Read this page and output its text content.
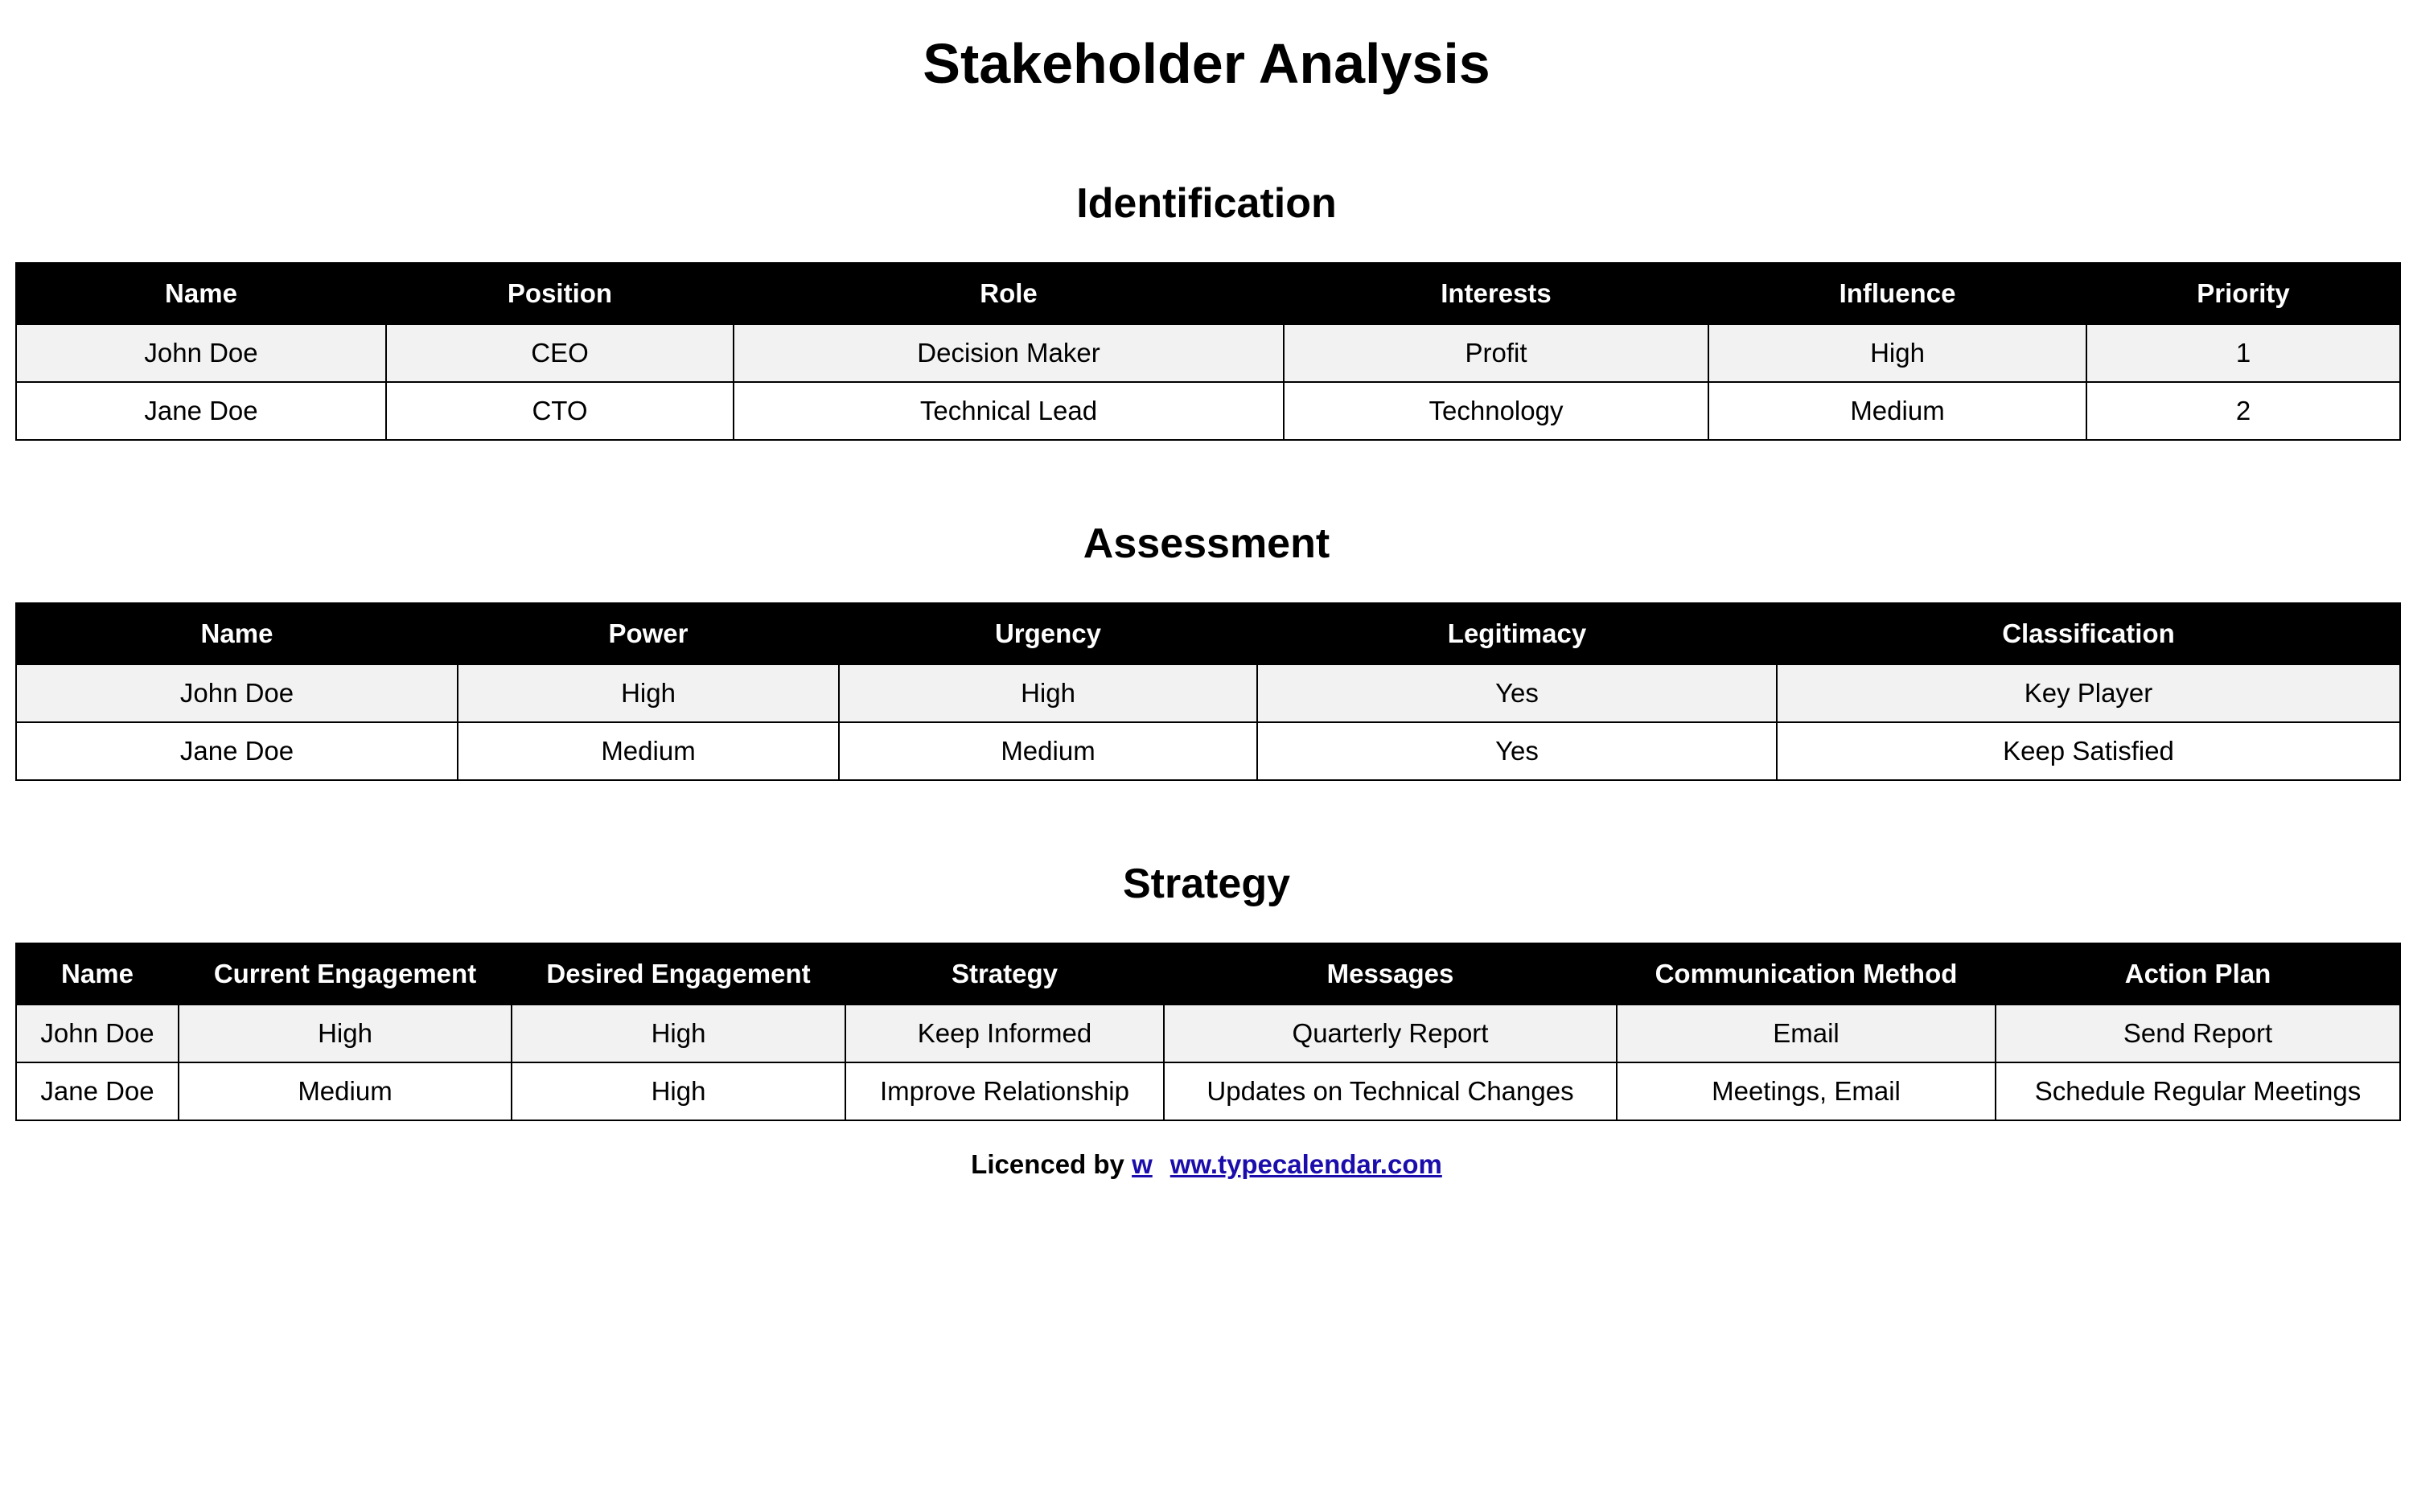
Stakeholder Analysis
Identification
Name	Position	Role	Interests	Influence	Priority
John Doe	CEO	Decision Maker	Profit	High	1
Jane Doe	CTO	Technical Lead	Technology	Medium	2
Assessment
Name	Power	Urgency	Legitimacy	Classification
John Doe	High	High	Yes	Key Player
Jane Doe	Medium	Medium	Yes	Keep Satisfied
Strategy
Name	Current Engagement	Desired Engagement	Strategy	Messages	Communication Method	Action Plan
John Doe	High	High	Keep Informed	Quarterly Report	Email	Send Report
Jane Doe	Medium	High	Improve Relationship	Updates on Technical Changes	Meetings, Email	Schedule Regular Meetings
Licenced by w ww.typecalendar.com
